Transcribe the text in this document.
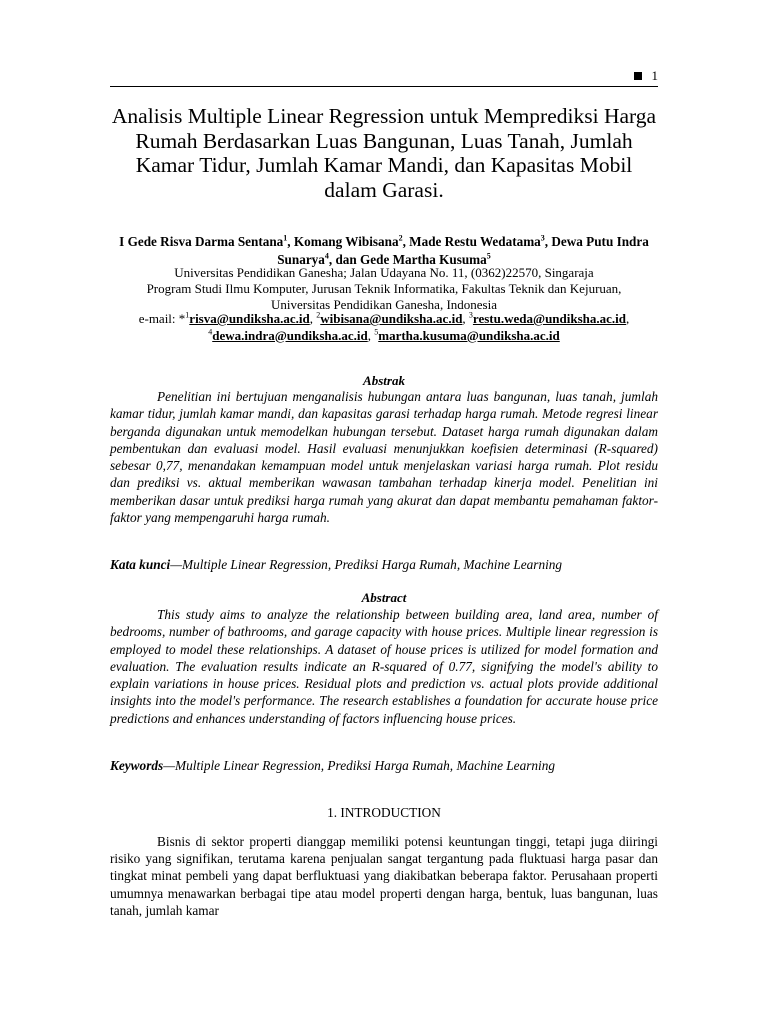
1
Analisis Multiple Linear Regression untuk Memprediksi Harga Rumah Berdasarkan Luas Bangunan, Luas Tanah, Jumlah Kamar Tidur, Jumlah Kamar Mandi, dan Kapasitas Mobil dalam Garasi.
I Gede Risva Darma Sentana$^1$, Komang Wibisana$^2$, Made Restu Wedatama$^3$, Dewa Putu Indra Sunarya$^4$, dan Gede Martha Kusuma$^5$
Universitas Pendidikan Ganesha; Jalan Udayana No. 11, (0362)22570, Singaraja
Program Studi Ilmu Komputer, Jurusan Teknik Informatika, Fakultas Teknik dan Kejuruan,
Universitas Pendidikan Ganesha, Indonesia
e-mail: *$^1$risva@undiksha.ac.id, $^2$wibisana@undiksha.ac.id, $^3$restu.weda@undiksha.ac.id,
$^4$dewa.indra@undiksha.ac.id, $^5$martha.kusuma@undiksha.ac.id
Abstrak

Penelitian ini bertujuan menganalisis hubungan antara luas bangunan, luas tanah, jumlah kamar tidur, jumlah kamar mandi, dan kapasitas garasi terhadap harga rumah. Metode regresi linear berganda digunakan untuk memodelkan hubungan tersebut. Dataset harga rumah digunakan dalam pembentukan dan evaluasi model. Hasil evaluasi menunjukkan koefisien determinasi (R-squared) sebesar 0,77, menandakan kemampuan model untuk menjelaskan variasi harga rumah. Plot residu dan prediksi vs. aktual memberikan wawasan tambahan terhadap kinerja model. Penelitian ini memberikan dasar untuk prediksi harga rumah yang akurat dan dapat membantu pemahaman faktor-faktor yang mempengaruhi harga rumah.

Kata kunci—Multiple Linear Regression, Prediksi Harga Rumah, Machine Learning

Abstract

This study aims to analyze the relationship between building area, land area, number of bedrooms, number of bathrooms, and garage capacity with house prices. Multiple linear regression is employed to model these relationships. A dataset of house prices is utilized for model formation and evaluation. The evaluation results indicate an R-squared of 0.77, signifying the model's ability to explain variations in house prices. Residual plots and prediction vs. actual plots provide additional insights into the model's performance. The research establishes a foundation for accurate house price predictions and enhances understanding of factors influencing house prices.

Keywords—Multiple Linear Regression, Prediksi Harga Rumah, Machine Learning

1. INTRODUCTION

Bisnis di sektor properti dianggap memiliki potensi keuntungan tinggi, tetapi juga diiringi risiko yang signifikan, terutama karena penjualan sangat tergantung pada fluktuasi harga pasar dan tingkat minat pembeli yang dapat berfluktuasi yang diakibatkan beberapa faktor. Perusahaan properti umumnya menawarkan berbagai tipe atau model properti dengan harga, bentuk, luas bangunan, luas tanah, jumlah kamar
